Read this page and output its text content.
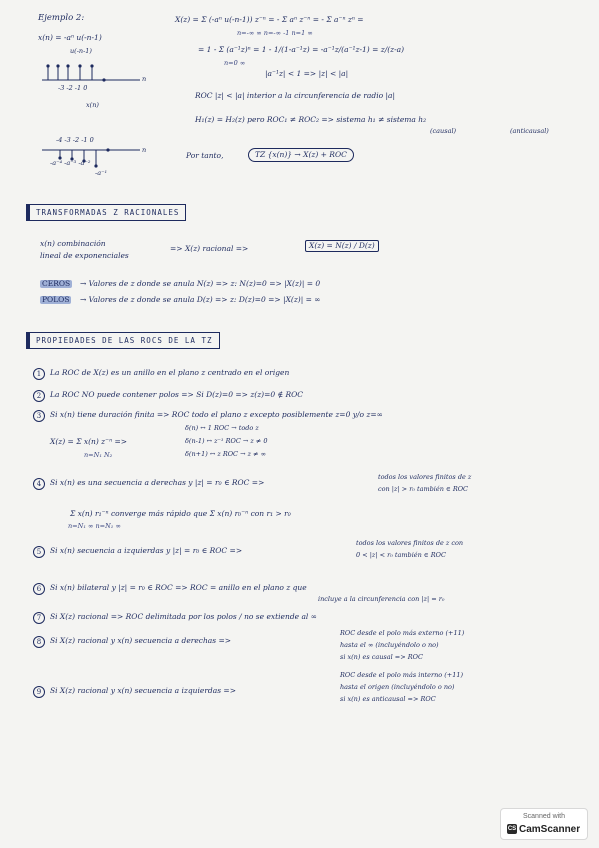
Ejemplo 2:
x(n) = -aⁿ u(-n-1)
u(-n-1)
-3 -2 -1 0
n
x(n)
-4 -3 -2 -1 0
n
-a⁻⁴ -a⁻³ -a⁻²
-a⁻¹
X(z) = Σ (-aⁿ u(-n-1)) z⁻ⁿ = - Σ aⁿ z⁻ⁿ = - Σ a⁻ⁿ zⁿ =
n=-∞ ∞ n=-∞ -1 n=1 ∞
= 1 - Σ (a⁻¹z)ⁿ = 1 - 1/(1-a⁻¹z) = -a⁻¹z/(a⁻¹z-1) = z/(z-a)
n=0 ∞
|a⁻¹z| < 1 => |z| < |a|
ROC |z| < |a| interior a la circunferencia de radio |a|
H₁(z) = H₂(z) pero ROC₁ ≠ ROC₂ => sistema h₁ ≠ sistema h₂
(causal)	(anticausal)
Por tanto,	TZ {x(n)} → X(z) + ROC
TRANSFORMADAS Z RACIONALES
x(n) combinación
lineal de exponenciales
=> X(z) racional =>	X(z) = N(z) / D(z)
CEROS → Valores de z donde se anula N(z) => z: N(z)=0 => |X(z)| = 0
POLOS → Valores de z donde se anula D(z) => z: D(z)=0 => |X(z)| = ∞
PROPIEDADES DE LAS ROCS DE LA TZ
1	La ROC de X(z) es un anillo en el plano z centrado en el origen
2	La ROC NO puede contener polos => Si D(z)=0 => z(z)=0 ∉ ROC
3	Si x(n) tiene duración finita => ROC todo el plano z excepto posiblemente z=0 y/o z=∞
X(z) = Σ x(n) z⁻ⁿ =>
n=N₁ N₂
δ(n) ↔ 1 ROC → todo z
δ(n-1) ↔ z⁻¹ ROC → z ≠ 0
δ(n+1) ↔ z ROC → z ≠ ∞
4	Si x(n) es una secuencia a derechas y |z| = r₀ ∈ ROC =>
todos los valores finitos de z
con |z| > r₀ también ∈ ROC
Σ x(n) r₁⁻ⁿ converge más rápido que Σ x(n) r₀⁻ⁿ con r₁ > r₀
n=N₁ ∞ n=N₁ ∞
5	Si x(n) secuencia a izquierdas y |z| = r₀ ∈ ROC =>
todos los valores finitos de z con
0 < |z| < r₀ también ∈ ROC
6	Si x(n) bilateral y |z| = r₀ ∈ ROC => ROC = anillo en el plano z que
incluye a la circunferencia con |z| = r₀
7	Si X(z) racional => ROC delimitada por los polos / no se extiende al ∞
8	Si X(z) racional y x(n) secuencia a derechas =>
ROC desde el polo más externo (+11)
hasta el ∞ (incluyéndolo o no)
si x(n) es causal => ROC
9	Si X(z) racional y x(n) secuencia a izquierdas =>
ROC desde el polo más interno (+11)
hasta el origen (incluyéndolo o no)
si x(n) es anticausal => ROC
Scanned with
CS CamScanner
